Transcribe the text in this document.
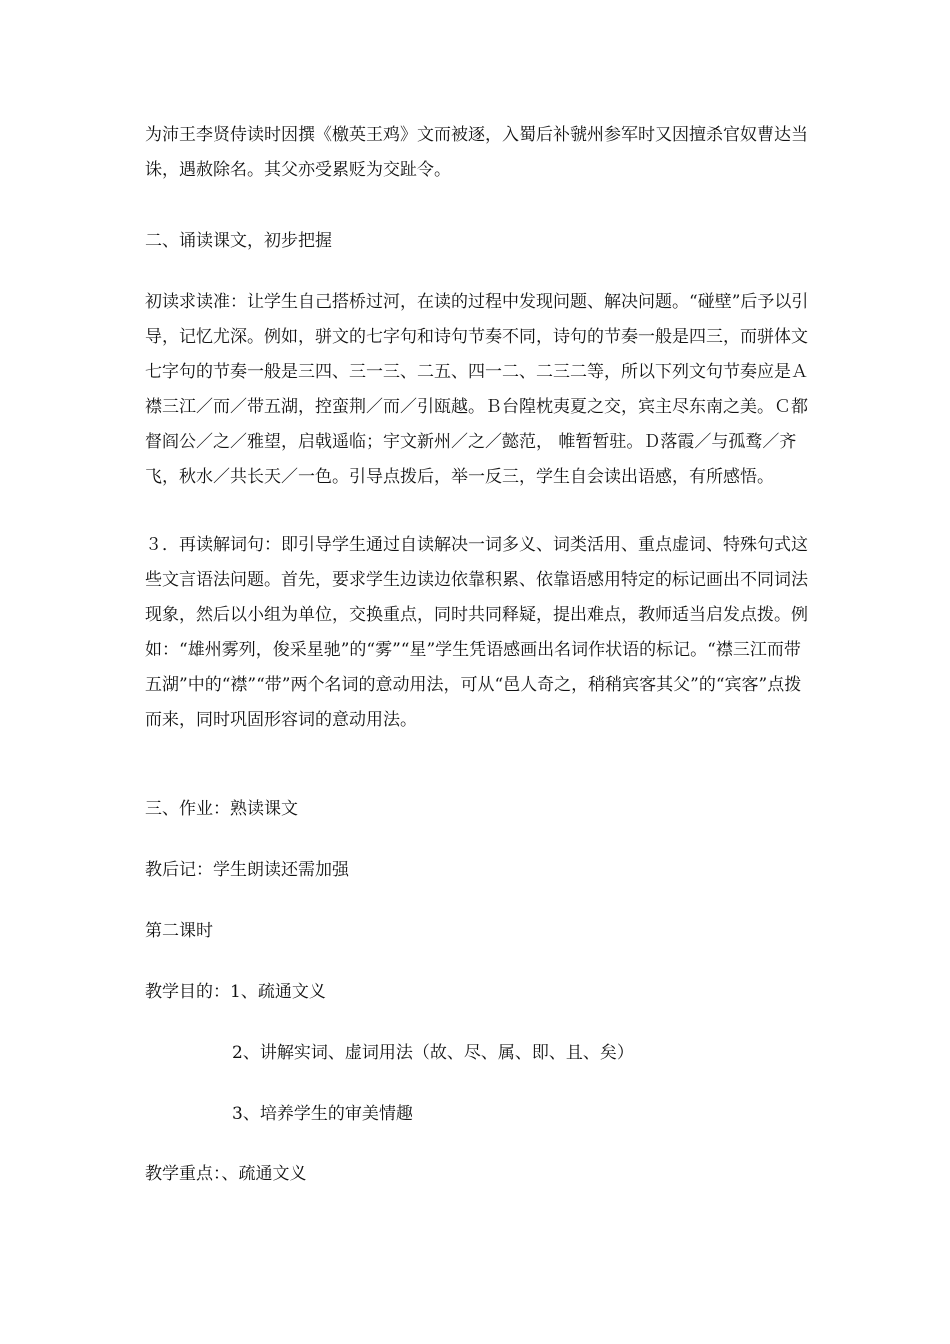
为沛王李贤侍读时因撰《檄英王鸡》文而被逐，入蜀后补虢州参军时又因擅杀官奴曹达当诛，遇赦除名。其父亦受累贬为交趾令。
二、诵读课文，初步把握
初读求读准：让学生自己搭桥过河，在读的过程中发现问题、解决问题。“碰壁”后予以引导，记忆尤深。例如，骈文的七字句和诗句节奏不同，诗句的节奏一般是四三，而骈体文七字句的节奏一般是三四、三一三、二五、四一二、二三二等，所以下列文句节奏应是Ａ襟三江／而／带五湖，控蛮荆／而／引瓯越。Ｂ台隍枕夷夏之交，宾主尽东南之美。Ｃ都督阎公／之／雅望，启戟遥临；宇文新州／之／懿范， 帷暂暂驻。Ｄ落霞／与孤鹜／齐飞，秋水／共长天／一色。引导点拨后，举一反三，学生自会读出语感，有所感悟。
３．再读解词句：即引导学生通过自读解决一词多义、词类活用、重点虚词、特殊句式这些文言语法问题。首先，要求学生边读边依靠积累、依靠语感用特定的标记画出不同词法现象，然后以小组为单位，交换重点，同时共同释疑，提出难点，教师适当启发点拨。例如：“雄州雾列，俊采星驰”的“雾”“星”学生凭语感画出名词作状语的标记。“襟三江而带五湖”中的“襟”“带”两个名词的意动用法，可从“邑人奇之，稍稍宾客其父”的“宾客”点拨而来，同时巩固形容词的意动用法。
三、作业：熟读课文
教后记：学生朗读还需加强
第二课时
教学目的：1、疏通文义
2、讲解实词、虚词用法（故、尽、属、即、且、矣）
3、培养学生的审美情趣
教学重点：、疏通文义
